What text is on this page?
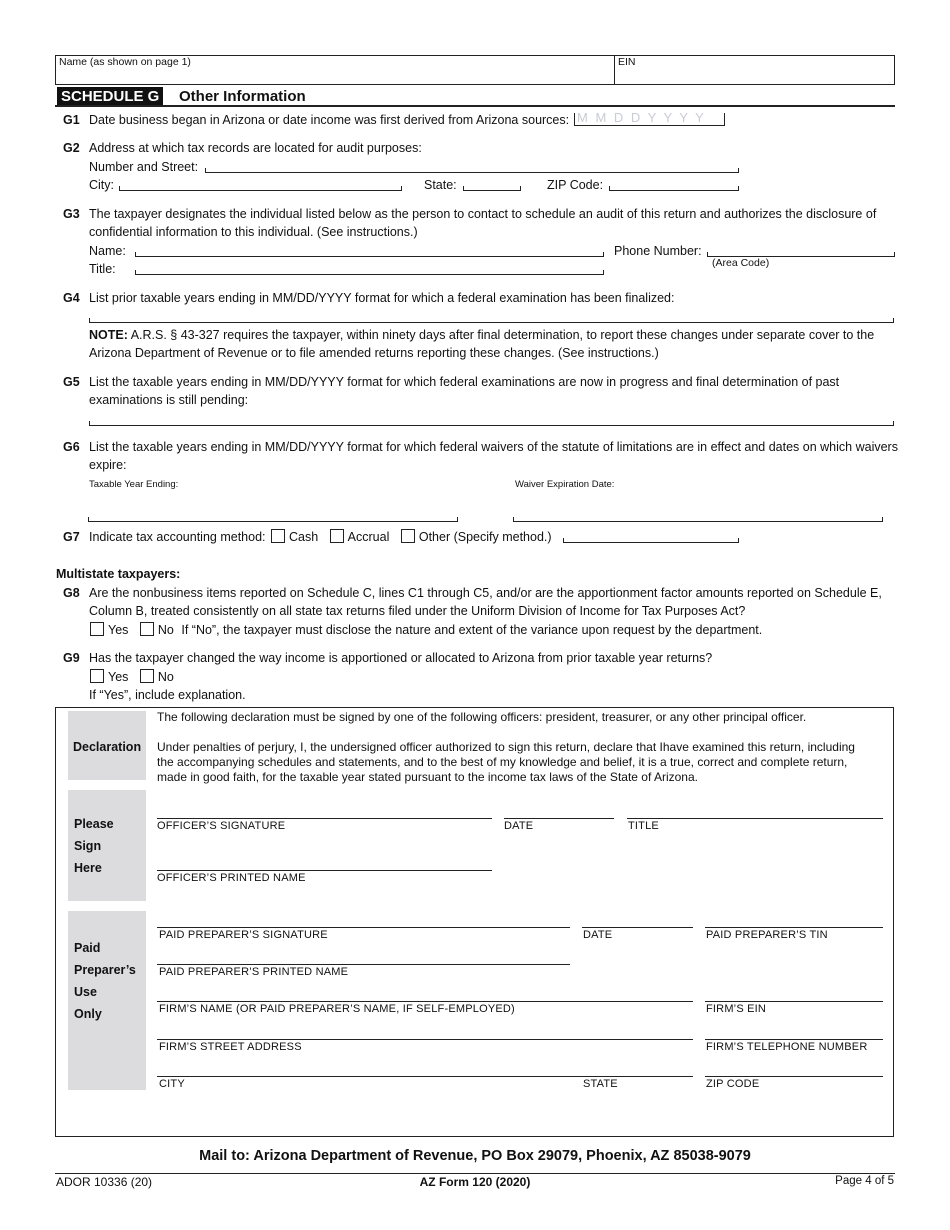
Name (as shown on page 1)	EIN
SCHEDULE G Other Information
G1 Date business began in Arizona or date income was first derived from Arizona sources: M M D D Y Y Y Y
G2 Address at which tax records are located for audit purposes:
Number and Street:
City:	State:	ZIP Code:
G3 The taxpayer designates the individual listed below as the person to contact to schedule an audit of this return and authorizes the disclosure of
confidential information to this individual. (See instructions.)
Name:	Phone Number:
(Area Code)
Title:
G4 List prior taxable years ending in MM/DD/YYYY format for which a federal examination has been finalized:
NOTE: A.R.S. § 43-327 requires the taxpayer, within ninety days after final determination, to report these changes under separate cover to the
Arizona Department of Revenue or to file amended returns reporting these changes. (See instructions.)
G5 List the taxable years ending in MM/DD/YYYY format for which federal examinations are now in progress and final determination of past
examinations is still pending:
G6 List the taxable years ending in MM/DD/YYYY format for which federal waivers of the statute of limitations are in effect and dates on which waivers
expire:
Taxable Year Ending:	Waiver Expiration Date:
G7 Indicate tax accounting method: Cash Accrual Other (Specify method.)
Multistate taxpayers:
G8 Are the nonbusiness items reported on Schedule C, lines C1 through C5, and/or are the apportionment factor amounts reported on Schedule E,
Column B, treated consistently on all state tax returns filed under the Uniform Division of Income for Tax Purposes Act?
Yes No If “No”, the taxpayer must disclose the nature and extent of the variance upon request by the department.
G9 Has the taxpayer changed the way income is apportioned or allocated to Arizona from prior taxable year returns?
Yes No
If “Yes”, include explanation.
Declaration
The following declaration must be signed by one of the following officers: president, treasurer, or any other principal officer.
Under penalties of perjury, I, the undersigned officer authorized to sign this return, declare that Ihave examined this return, including
the accompanying schedules and statements, and to the best of my knowledge and belief, it is a true, correct and complete return,
made in good faith, for the taxable year stated pursuant to the income tax laws of the State of Arizona.
Please
Sign
Here
OFFICER’S SIGNATURE	DATE	TITLE
OFFICER’S PRINTED NAME
Paid
Preparer’s
Use
Only
PAID PREPARER’S SIGNATURE	DATE	PAID PREPARER’S TIN
PAID PREPARER’S PRINTED NAME
FIRM’S NAME (OR PAID PREPARER’S NAME, IF SELF-EMPLOYED)	FIRM’S EIN
FIRM’S STREET ADDRESS	FIRM’S TELEPHONE NUMBER
CITY	STATE	ZIP CODE
Mail to: Arizona Department of Revenue, PO Box 29079, Phoenix, AZ 85038-9079
ADOR 10336 (20)	AZ Form 120 (2020)	Page 4 of 5
